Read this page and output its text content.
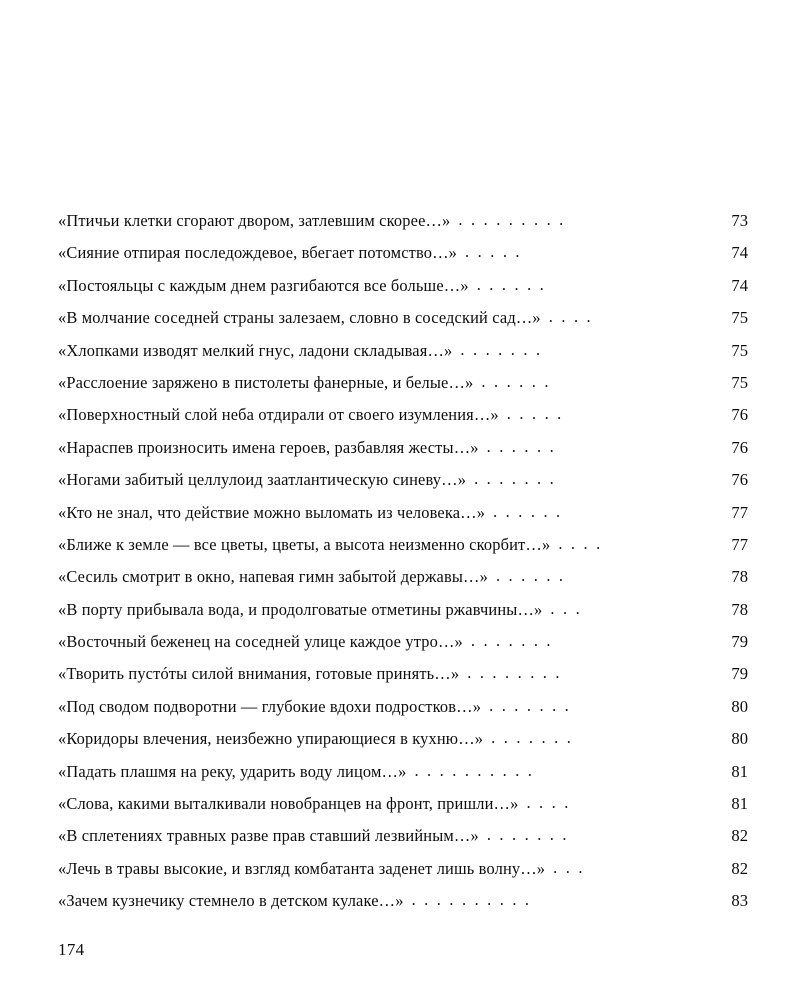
«Птичьи клетки сгорают двором, затлевшим скорее…» . . . . . . . . .	73
«Сияние отпирая последождевое, вбегает потомство…» . . . . .	74
«Постояльцы с каждым днем разгибаются все больше…» . . . . . .	74
«В молчание соседней страны залезаем, словно в соседский сад…» . . . .	75
«Хлопками изводят мелкий гнус, ладони складывая…» . . . . . . .	75
«Расслоение заряжено в пистолеты фанерные, и белые…» . . . . . .	75
«Поверхностный слой неба отдирали от своего изумления…» . . . . .	76
«Нараспев произносить имена героев, разбавляя жесты…» . . . . . .	76
«Ногами забитый целлулоид заатлантическую синеву…» . . . . . . .	76
«Кто не знал, что действие можно выломать из человека…» . . . . . .	77
«Ближе к земле — все цветы, цветы, а высота неизменно скорбит…» . . . .	77
«Сесиль смотрит в окно, напевая гимн забытой державы…» . . . . . .	78
«В порту прибывала вода, и продолговатые отметины ржавчины…» . . .	78
«Восточный беженец на соседней улице каждое утро…» . . . . . . .	79
«Творить пустóты силой внимания, готовые принять…» . . . . . . . .	79
«Под сводом подворотни — глубокие вдохи подростков…» . . . . . . .	80
«Коридоры влечения, неизбежно упирающиеся в кухню…» . . . . . . .	80
«Падать плашмя на реку, ударить воду лицом…» . . . . . . . . . .	81
«Слова, какими выталкивали новобранцев на фронт, пришли…» . . . .	81
«В сплетениях травных разве прав ставший лезвийным…» . . . . . . .	82
«Лечь в травы высокие, и взгляд комбатанта заденет лишь волну…» . . .	82
«Зачем кузнечику стемнело в детском кулаке…» . . . . . . . . . .	83
174
